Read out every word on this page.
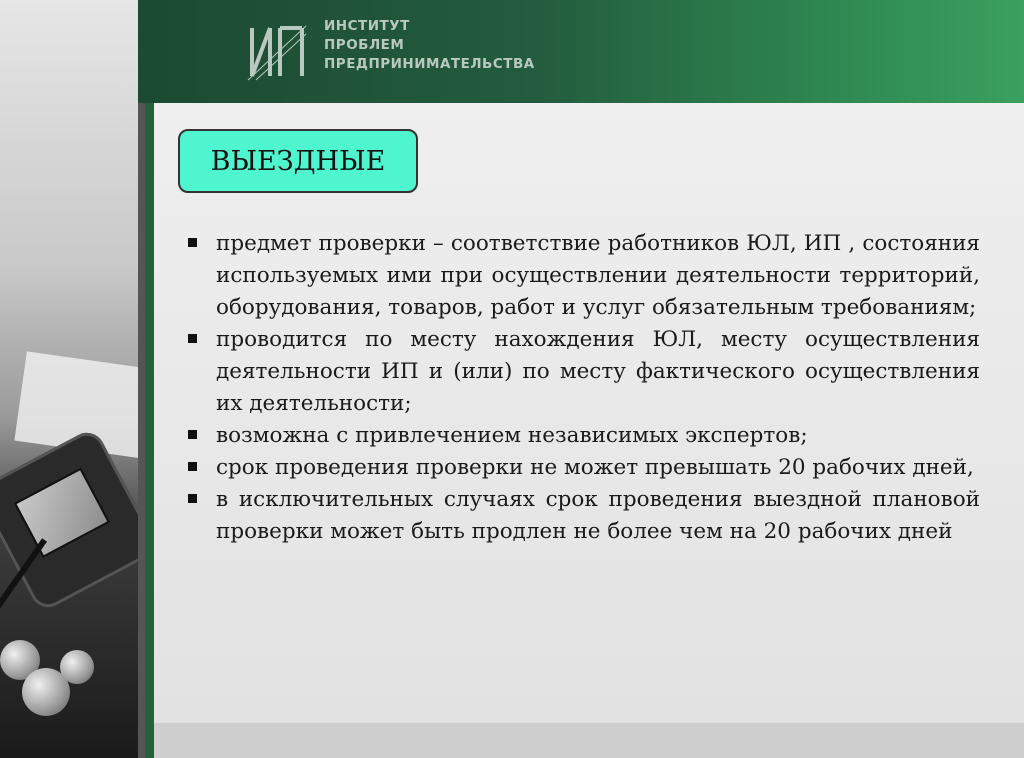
ИП	ИНСТИТУТ
ПРОБЛЕМ
ПРЕДПРИНИМАТЕЛЬСТВА
ВЫЕЗДНЫЕ
предмет проверки – соответствие работников ЮЛ, ИП , состояния используемых ими при осуществлении деятельности территорий, оборудования, товаров, работ и услуг обязательным требованиям;
проводится по месту нахождения ЮЛ, месту осуществления деятельности ИП и (или) по месту фактического осуществления их деятельности;
возможна с привлечением независимых экспертов;
срок проведения проверки не может превышать 20 рабочих дней,
в исключительных случаях срок проведения выездной плановой проверки может быть продлен не более чем на 20 рабочих дней
